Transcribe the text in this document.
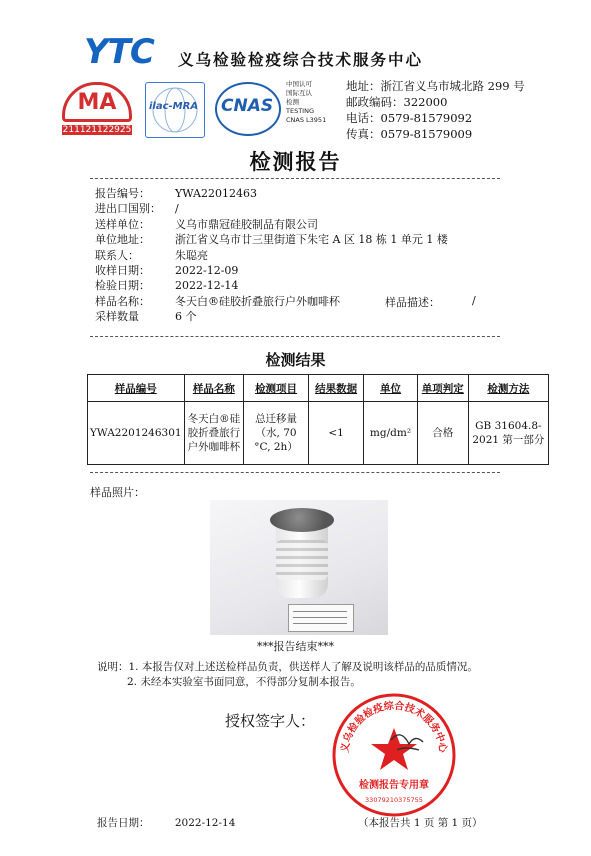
YTC 义乌检验检疫综合技术服务中心
MA
211121122925
ilac-MRA CNAS
中国认可
国际互认
检测
TESTING
CNAS L3951
地址：浙江省义乌市城北路 299 号
邮政编码：322000
电话：0579-81579092
传真：0579-81579009
检测报告
报告编号：	YWA22012463
进出口国别：	/
送样单位：	义乌市鼎冠硅胶制品有限公司
单位地址：	浙江省义乌市廿三里街道下朱宅 A 区 18 栋 1 单元 1 楼
联系人：	朱聪亮
收样日期：	2022-12-09
检验日期：	2022-12-14
样品名称：	冬天白®硅胶折叠旅行户外咖啡杯
采样数量	6 个
样品描述：	/
检测结果
样品编号	样品名称	检测项目	结果数据	单位	单项判定	检测方法
YWA2201246301	冬天白®硅胶折叠旅行户外咖啡杯	总迁移量（水, 70 °C, 2h）	<1	mg/dm²	合格	GB 31604.8-2021 第一部分
样品照片：
***报告结束***
说明：1. 本报告仅对上述送检样品负责，供送样人了解及说明该样品的品质情况。
2. 未经本实验室书面同意，不得部分复制本报告。
授权签字人：
义乌检验检疫综合技术服务中心
检测报告专用章
33079210375755
报告日期： 2022-12-14	（本报告共 1 页 第 1 页）
